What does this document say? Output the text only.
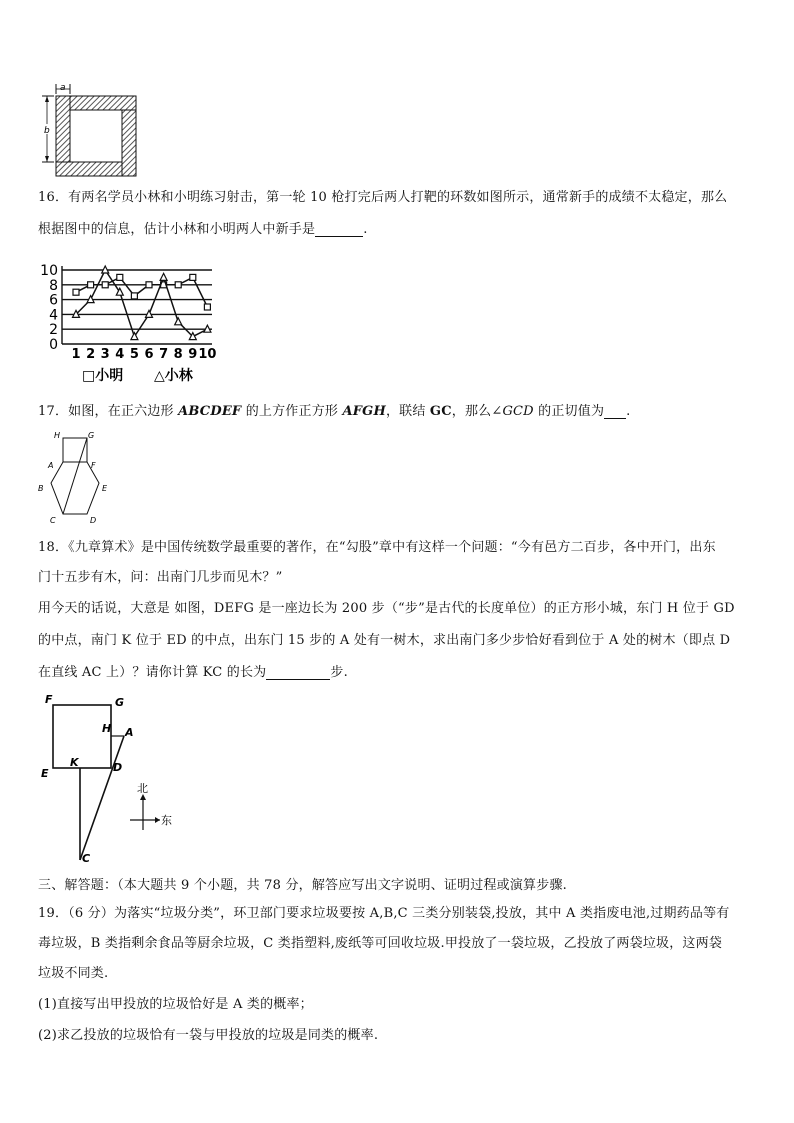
a
b
16．有两名学员小林和小明练习射击，第一轮 10 枪打完后两人打靶的环数如图所示，通常新手的成绩不太稳定，那么
根据图中的信息，估计小林和小明两人中新手是	.
0
2
4
6
8
10
1 2 3 4 5 6 7 8 9 10
□小明 △小林
17．如图，在正六边形 ABCDEF 的上方作正方形 AFGH，联结 GC，那么∠GCD 的正切值为 .
H	G
A	F
B	E
C	D
18．《九章算术》是中国传统数学最重要的著作，在“勾股”章中有这样一个问题：“今有邑方二百步，各中开门，出东
门十五步有木，问：出南门几步而见木？”
用今天的话说，大意是 如图，DEFG 是一座边长为 200 步（“步”是古代的长度单位）的正方形小城，东门 H 位于 GD
的中点，南门 K 位于 ED 的中点，出东门 15 步的 A 处有一树木，求出南门多少步恰好看到位于 A 处的树木（即点 D
在直线 AC 上）？请你计算 KC 的长为	步.
F	G
H A
E
K	D
C
北
东
三、解答题：（本大题共 9 个小题，共 78 分，解答应写出文字说明、证明过程或演算步骤.
19．（6 分）为落实“垃圾分类”，环卫部门要求垃圾要按 A,B,C 三类分别装袋,投放，其中 A 类指废电池,过期药品等有
毒垃圾，B 类指剩余食品等厨余垃圾，C 类指塑料,废纸等可回收垃圾.甲投放了一袋垃圾，乙投放了两袋垃圾，这两袋
垃圾不同类.
(1)直接写出甲投放的垃圾恰好是 A 类的概率；
(2)求乙投放的垃圾恰有一袋与甲投放的垃圾是同类的概率.
